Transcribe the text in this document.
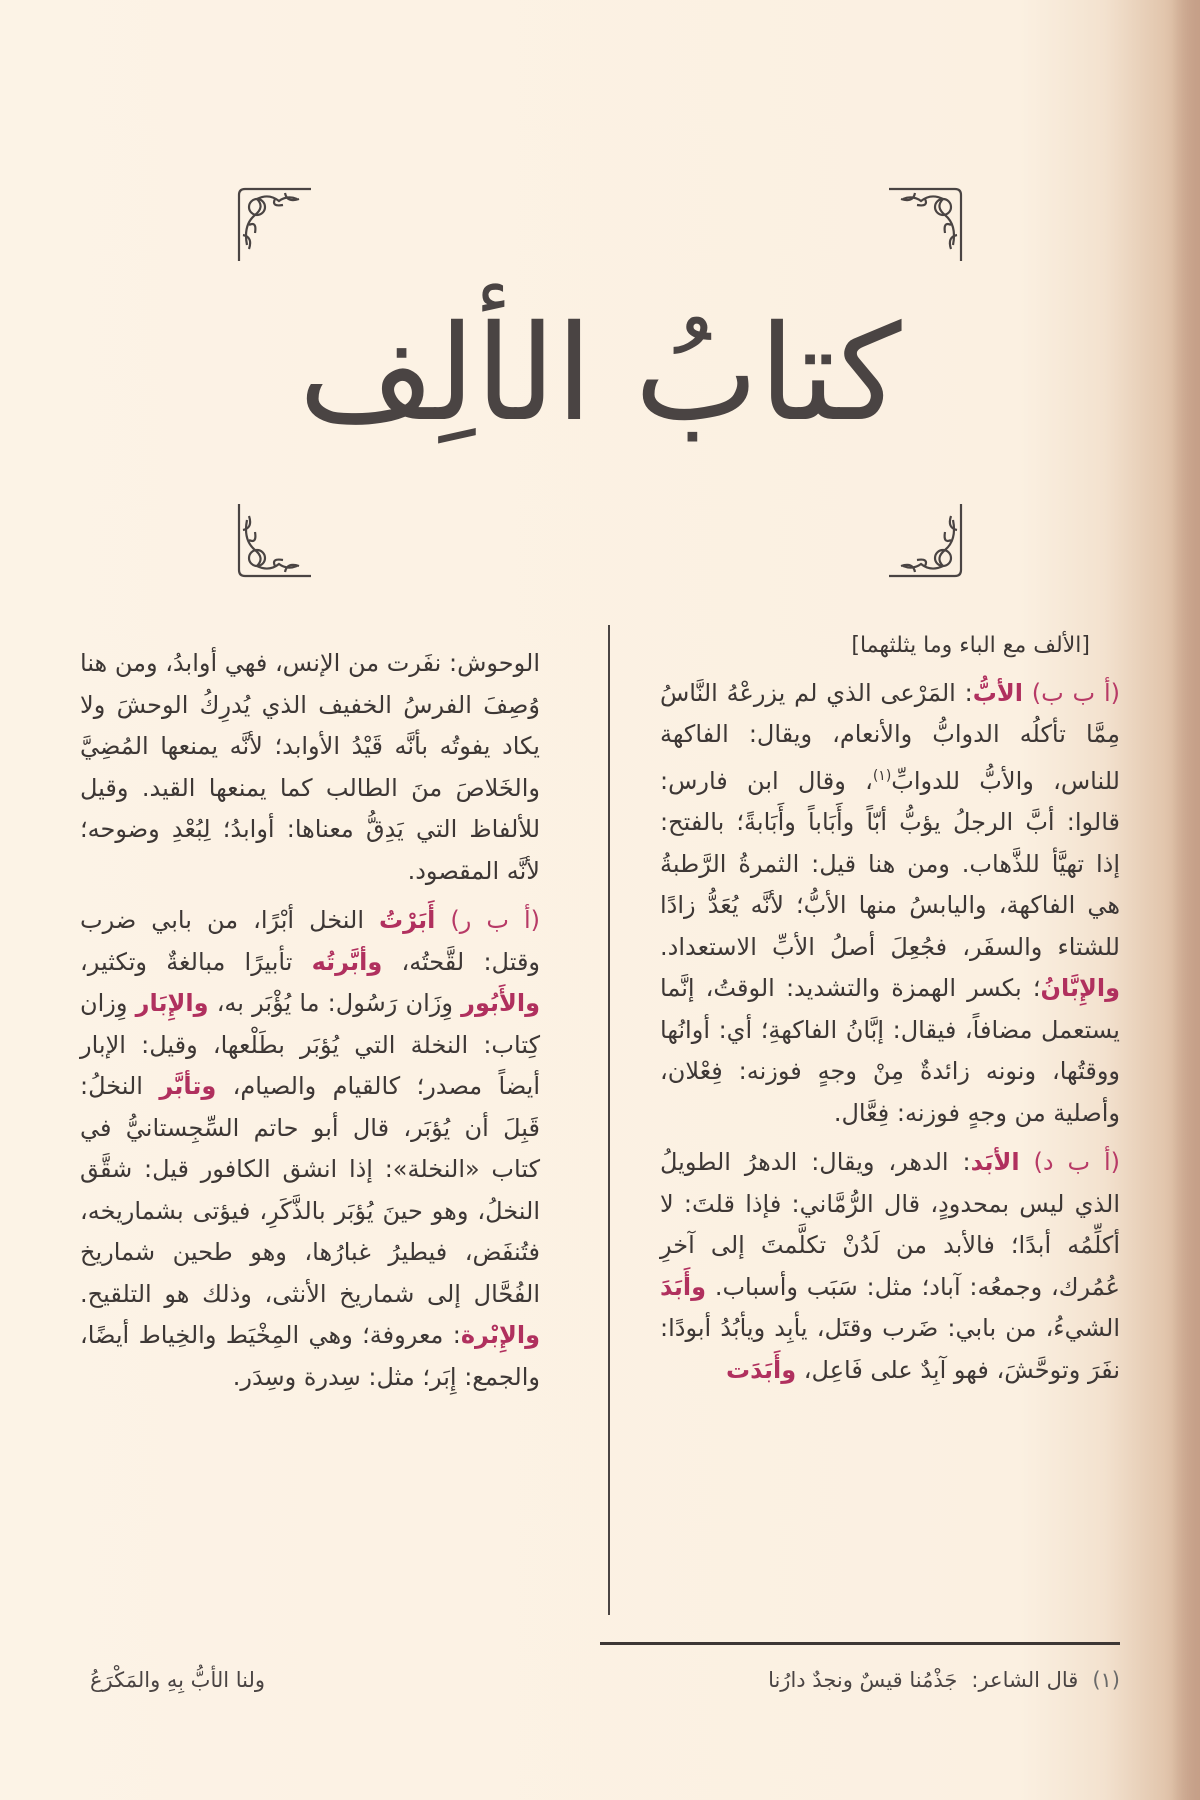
كتابُ الألِف
[الألف مع الباء وما يثلثهما]
(أ ب ب) الأبُّ: المَرْعى الذي لم يزرعْهُ النَّاسُ مِمَّا تأكلُه الدوابُّ والأنعام، ويقال: الفاكهة للناس، والأبُّ للدوابِّ$^{(١)}$، وقال ابن فارس: قالوا: أبَّ الرجلُ يؤبُّ أبّاً وأَبَاباً وأَبَابةً؛ بالفتح: إذا تهيَّأ للذَّهاب. ومن هنا قيل: الثمرةُ الرَّطبةُ هي الفاكهة، واليابسُ منها الأبُّ؛ لأنَّه يُعَدُّ زادًا للشتاء والسفَر، فجُعِلَ أصلُ الأبِّ الاستعداد. والإِبَّانُ؛ بكسر الهمزة والتشديد: الوقتُ، إنَّما يستعمل مضافاً، فيقال: إبَّانُ الفاكهةِ؛ أي: أوانُها ووقتُها، ونونه زائدةٌ مِنْ وجهٍ فوزنه: فِعْلان، وأصلية من وجهٍ فوزنه: فِعَّال.
(أ ب د) الأبَد: الدهر، ويقال: الدهرُ الطويلُ الذي ليس بمحدودٍ، قال الرُّمَّاني: فإذا قلتَ: لا أكلِّمُه أبدًا؛ فالأبد من لَدُنْ تكلَّمتَ إلى آخرِ عُمُرك، وجمعُه: آباد؛ مثل: سَبَب وأسباب. وأَبَدَ الشيءُ، من بابي: ضَرب وقتَل، يأبِد ويأبُدُ أبودًا: نفَرَ وتوحَّشَ، فهو آبِدٌ على فَاعِل، وأَبَدَت
الوحوش: نفَرت من الإنس، فهي أوابدُ، ومن هنا وُصِفَ الفرسُ الخفيف الذي يُدرِكُ الوحشَ ولا يكاد يفوتُه بأنَّه قَيْدُ الأوابد؛ لأنَّه يمنعها المُضِيَّ والخَلاصَ منَ الطالب كما يمنعها القيد. وقيل للألفاظ التي يَدِقُّ معناها: أوابدُ؛ لِبُعْدِ وضوحه؛ لأنَّه المقصود.
(أ ب ر) أَبَرْتُ النخل أبْرًا، من بابي ضرب وقتل: لقَّحتُه، وأبَّرتُه تأبيرًا مبالغةٌ وتكثير، والأَبُور وِزَان رَسُول: ما يُؤْبَر به، والإِبَار وِزان كِتاب: النخلة التي يُؤبَر بطَلْعها، وقيل: الإبار أيضاً مصدر؛ كالقيام والصيام، وتأبَّر النخلُ: قَبِلَ أن يُؤبَر، قال أبو حاتم السِّجِستانيُّ في كتاب «النخلة»: إذا انشق الكافور قيل: شقَّق النخلُ، وهو حينَ يُؤبَر بالذَّكَرِ، فيؤتى بشماريخه، فتُنفَض، فيطيرُ غبارُها، وهو طحين شماريخ الفُحَّال إلى شماريخ الأنثى، وذلك هو التلقيح. والإِبْرة: معروفة؛ وهي المِخْيَط والخِياط أيضًا، والجمع: إِبَر؛ مثل: سِدرة وسِدَر.
(١)
قال الشاعر:
جَذْمُنا قيسٌ ونجدٌ دارُنا
ولنا الأبُّ بِهِ والمَكْرَعُ
